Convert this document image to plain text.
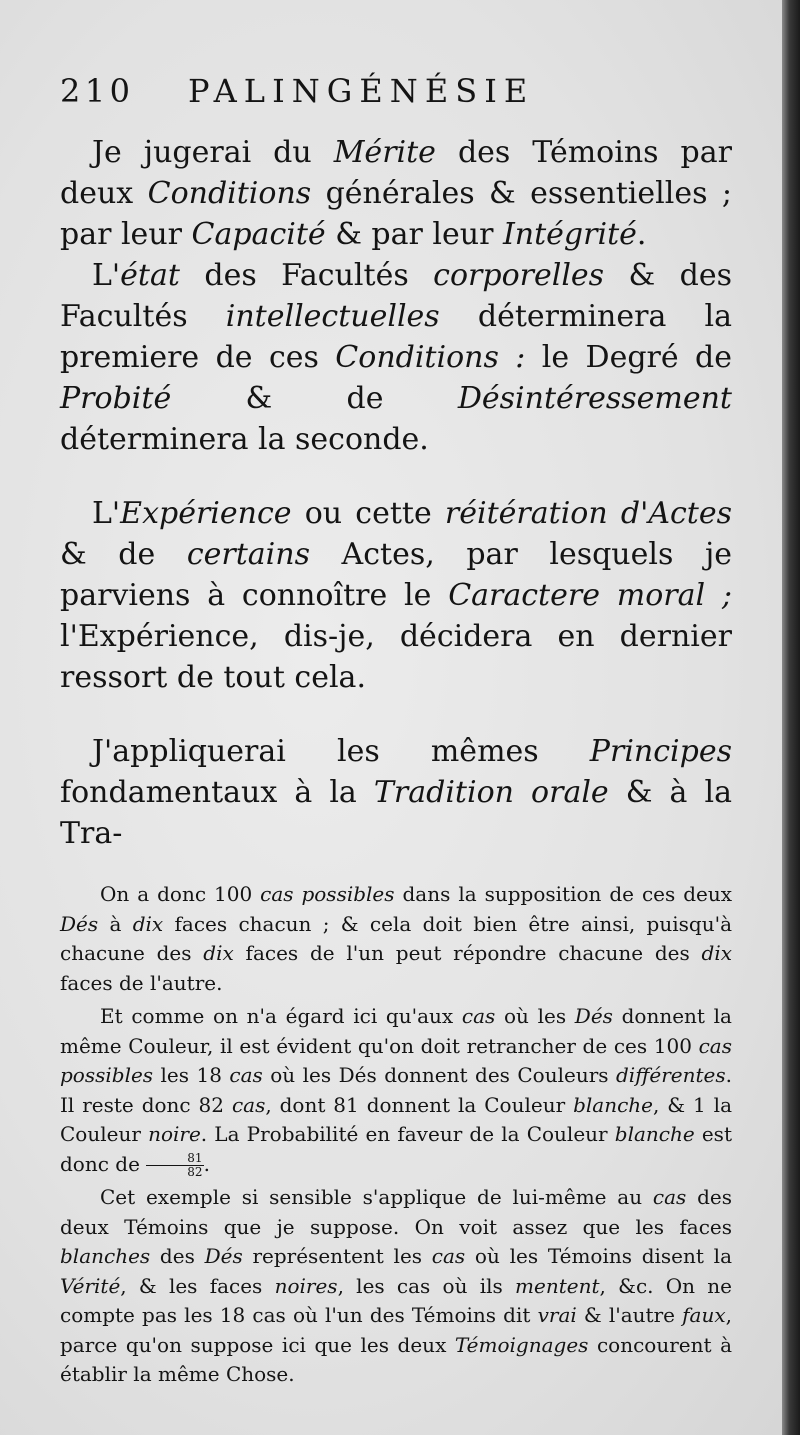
210	PALINGÉNÉSIE

Je jugerai du Mérite des Témoins par deux Conditions générales & essentielles ; par leur Capacité & par leur Intégrité.

L'état des Facultés corporelles & des Facultés intellectuelles déterminera la premiere de ces Conditions : le Degré de Probité & de Désintéressement déterminera la seconde.

L'Expérience ou cette réitération d'Actes & de certains Actes, par lesquels je parviens à connoître le Caractere moral ; l'Expérience, dis-je, décidera en dernier ressort de tout cela.

J'appliquerai les mêmes Principes fondamentaux à la Tradition orale & à la Tra-

On a donc 100 cas possibles dans la supposition de ces deux Dés à dix faces chacun ; & cela doit bien être ainsi, puisqu'à chacune des dix faces de l'un peut répondre chacune des dix faces de l'autre.

Et comme on n'a égard ici qu'aux cas où les Dés donnent la même Couleur, il est évident qu'on doit retrancher de ces 100 cas possibles les 18 cas où les Dés donnent des Couleurs différentes. Il reste donc 82 cas, dont 81 donnent la Couleur blanche, & 1 la Couleur noire. La Probabilité en faveur de la Couleur blanche est donc de $\frac{81}{82}$ .

Cet exemple si sensible s'applique de lui-même au cas des deux Témoins que je suppose. On voit assez que les faces blanches des Dés représentent les cas où les Témoins disent la Vérité, & les faces noires, les cas où ils mentent, &c. On ne compte pas les 18 cas où l'un des Témoins dit vrai & l'autre faux, parce qu'on suppose ici que les deux Témoignages concourent à établir la même Chose.
